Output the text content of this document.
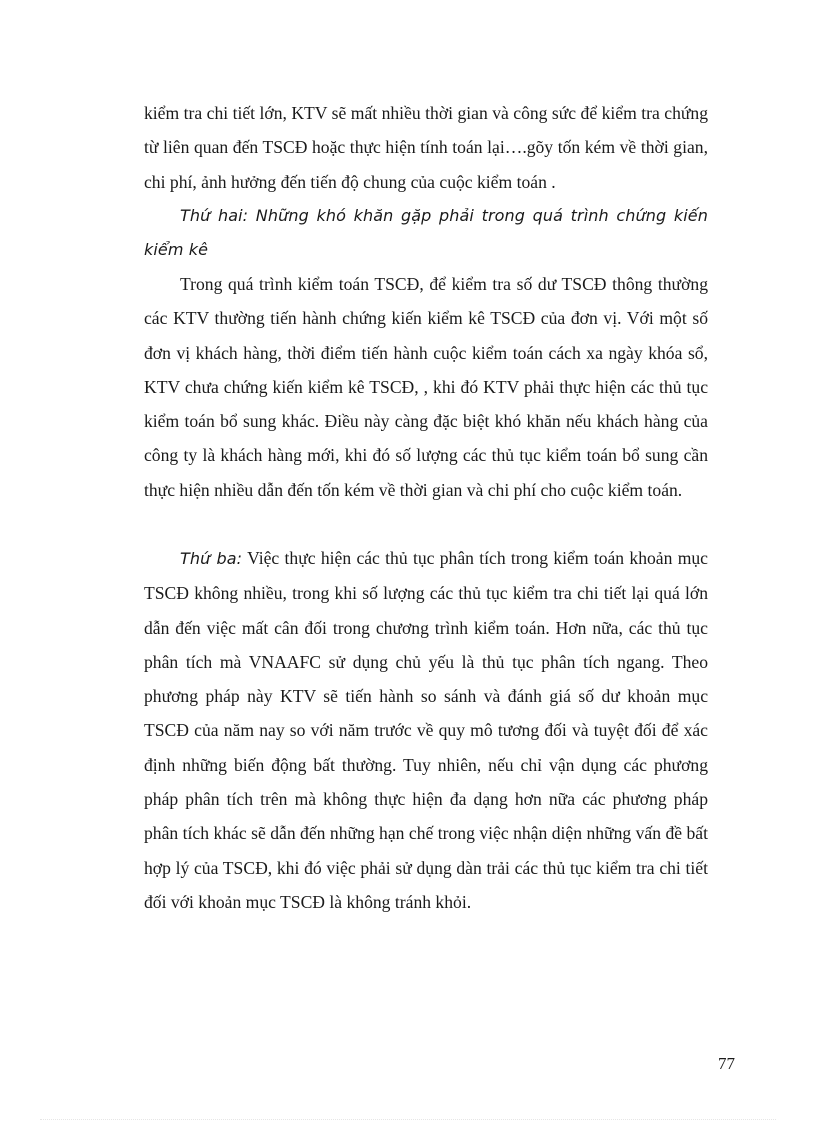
kiểm tra chi tiết lớn, KTV sẽ mất nhiều thời gian và công sức để kiểm tra chứng từ liên quan đến TSCĐ hoặc thực hiện tính toán lại….gõy tốn kém về thời gian, chi phí, ảnh hưởng đến tiến độ chung của cuộc kiểm toán .

Thứ hai: Những khó khăn gặp phải trong quá trình chứng kiến kiểm kê

Trong quá trình kiểm toán TSCĐ, để kiểm tra số dư TSCĐ thông thường các KTV thường tiến hành chứng kiến kiểm kê TSCĐ của đơn vị. Với một số đơn vị khách hàng, thời điểm tiến hành cuộc kiểm toán cách xa ngày khóa sổ, KTV chưa chứng kiến kiểm kê TSCĐ, , khi đó KTV phải thực hiện các thủ tục kiểm toán bổ sung khác. Điều này càng đặc biệt khó khăn nếu khách hàng của công ty là khách hàng mới, khi đó số lượng các thủ tục kiểm toán bổ sung cần thực hiện nhiều dẫn đến tốn kém về thời gian và chi phí cho cuộc kiểm toán.

Thứ ba: Việc thực hiện các thủ tục phân tích trong kiểm toán khoản mục TSCĐ không nhiều, trong khi số lượng các thủ tục kiểm tra chi tiết lại quá lớn dẫn đến việc mất cân đối trong chương trình kiểm toán. Hơn nữa, các thủ tục phân tích mà VNAAFC sử dụng chủ yếu là thủ tục phân tích ngang. Theo phương pháp này KTV sẽ tiến hành so sánh và đánh giá số dư khoản mục TSCĐ của năm nay so với năm trước về quy mô tương đối và tuyệt đối để xác định những biến động bất thường. Tuy nhiên, nếu chỉ vận dụng các phương pháp phân tích trên mà không thực hiện đa dạng hơn nữa các phương pháp phân tích khác sẽ dẫn đến những hạn chế trong việc nhận diện những vấn đề bất hợp lý của TSCĐ, khi đó việc phải sử dụng dàn trải các thủ tục kiểm tra chi tiết đối với khoản mục TSCĐ là không tránh khỏi.

77
